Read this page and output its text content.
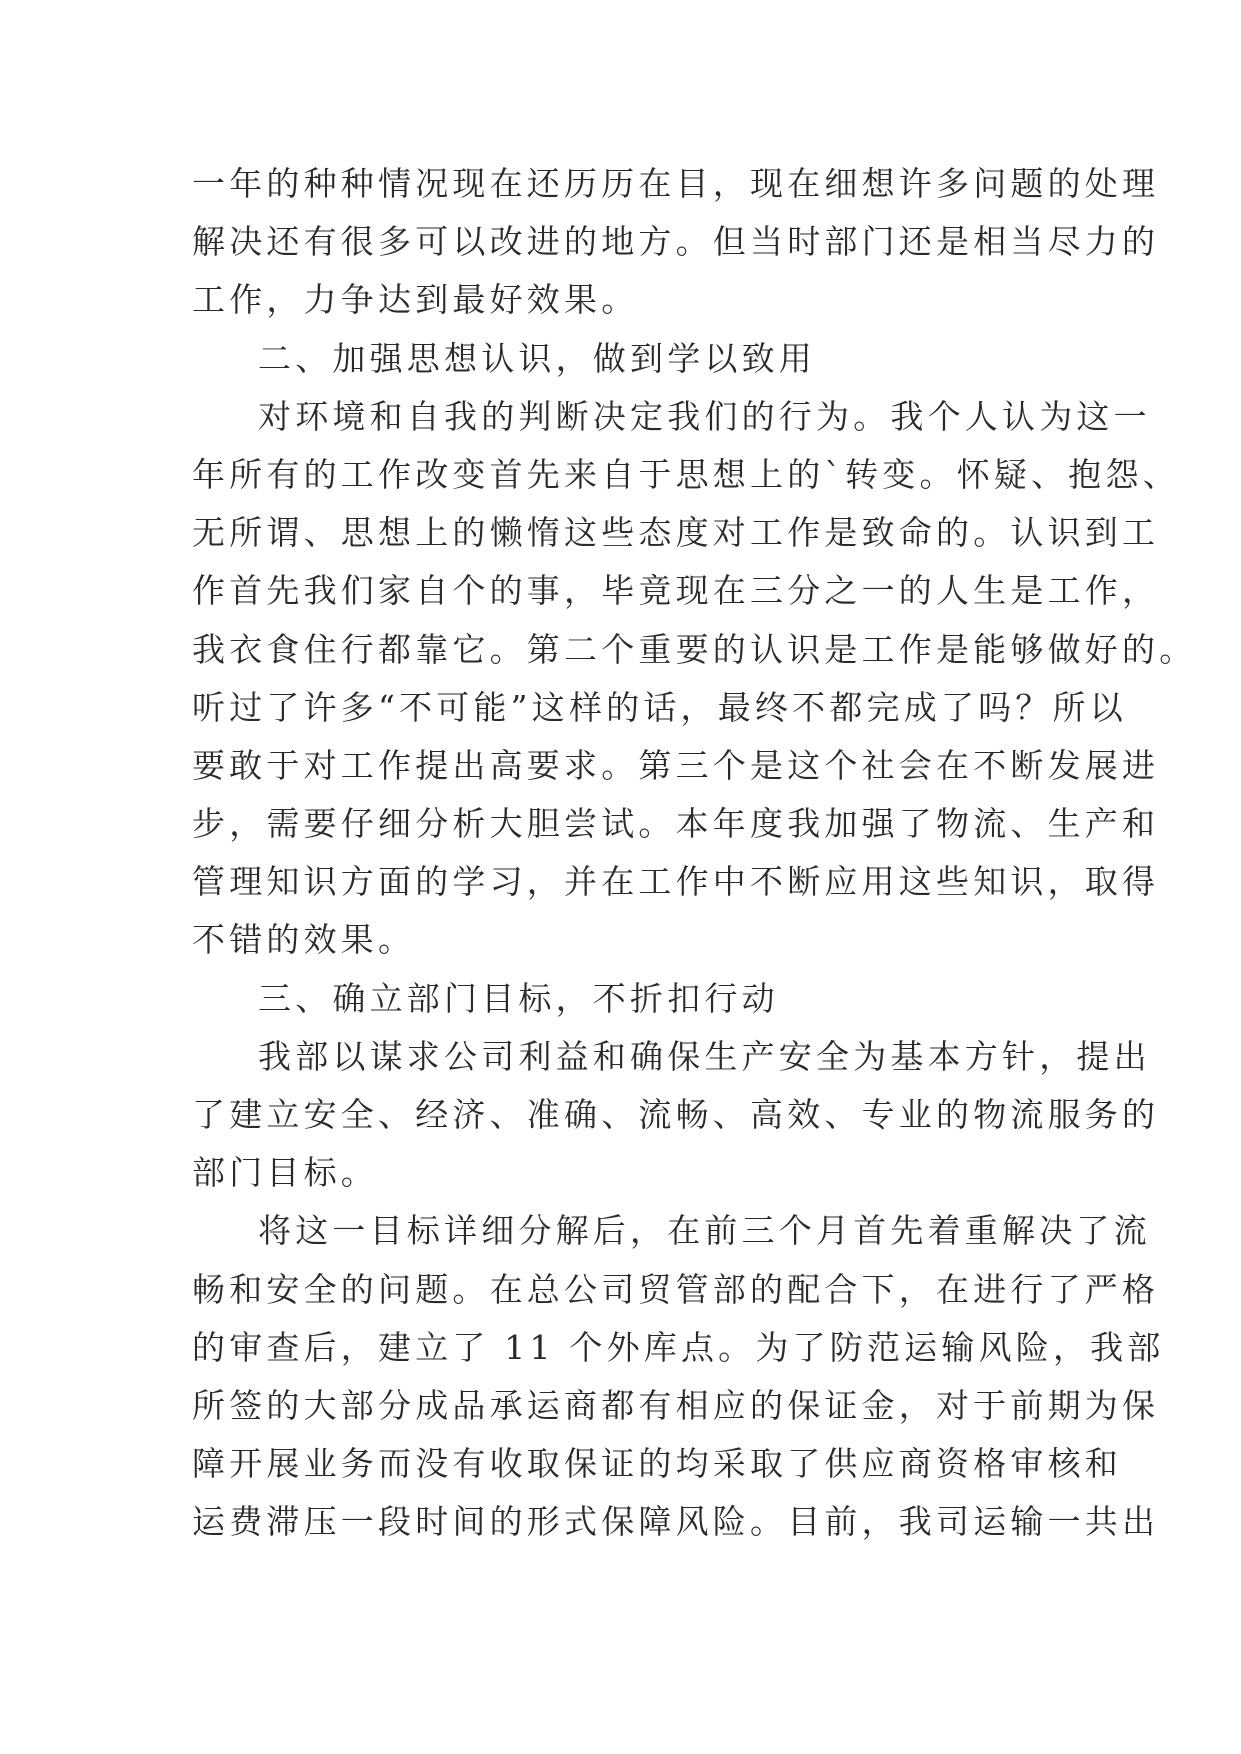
一年的种种情况现在还历历在目，现在细想许多问题的处理
解决还有很多可以改进的地方。但当时部门还是相当尽力的
工作，力争达到最好效果。
二、加强思想认识，做到学以致用
对环境和自我的判断决定我们的行为。我个人认为这一
年所有的工作改变首先来自于思想上的`转变。怀疑、抱怨、
无所谓、思想上的懒惰这些态度对工作是致命的。认识到工
作首先我们家自个的事，毕竟现在三分之一的人生是工作，
我衣食住行都靠它。第二个重要的认识是工作是能够做好的。
听过了许多“不可能”这样的话，最终不都完成了吗？所以
要敢于对工作提出高要求。第三个是这个社会在不断发展进
步，需要仔细分析大胆尝试。本年度我加强了物流、生产和
管理知识方面的学习，并在工作中不断应用这些知识，取得
不错的效果。
三、确立部门目标，不折扣行动
我部以谋求公司利益和确保生产安全为基本方针，提出
了建立安全、经济、准确、流畅、高效、专业的物流服务的
部门目标。
将这一目标详细分解后，在前三个月首先着重解决了流
畅和安全的问题。在总公司贸管部的配合下，在进行了严格
的审查后，建立了 11 个外库点。为了防范运输风险，我部
所签的大部分成品承运商都有相应的保证金，对于前期为保
障开展业务而没有收取保证的均采取了供应商资格审核和
运费滞压一段时间的形式保障风险。目前，我司运输一共出
